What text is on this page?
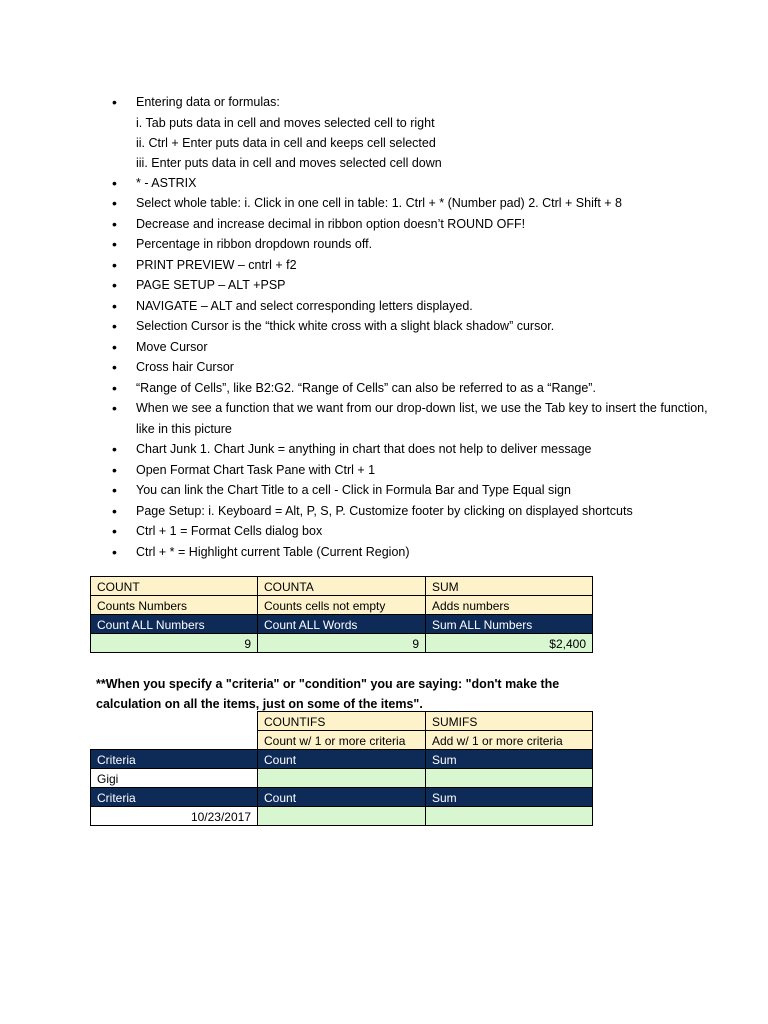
• Entering data or formulas:
i. Tab puts data in cell and moves selected cell to right
ii. Ctrl + Enter puts data in cell and keeps cell selected
iii. Enter puts data in cell and moves selected cell down
• * - ASTRIX
• Select whole table: i. Click in one cell in table: 1. Ctrl + * (Number pad) 2. Ctrl + Shift + 8
• Decrease and increase decimal in ribbon option doesn’t ROUND OFF!
• Percentage in ribbon dropdown rounds off.
• PRINT PREVIEW – cntrl + f2
• PAGE SETUP – ALT +PSP
• NAVIGATE – ALT and select corresponding letters displayed.
• Selection Cursor is the “thick white cross with a slight black shadow” cursor.
• Move Cursor
• Cross hair Cursor
• “Range of Cells”, like B2:G2. “Range of Cells” can also be referred to as a “Range”.
• When we see a function that we want from our drop-down list, we use the Tab key to insert the function, like in this picture
• Chart Junk 1. Chart Junk = anything in chart that does not help to deliver message
• Open Format Chart Task Pane with Ctrl + 1
• You can link the Chart Title to a cell - Click in Formula Bar and Type Equal sign
• Page Setup: i. Keyboard = Alt, P, S, P. Customize footer by clicking on displayed shortcuts
• Ctrl + 1 = Format Cells dialog box
• Ctrl + * = Highlight current Table (Current Region)
COUNT	COUNTA	SUM
Counts Numbers	Counts cells not empty	Adds numbers
Count ALL Numbers	Count ALL Words	Sum ALL Numbers
9	9	$2,400
**When you specify a "criteria" or "condition" you are saying: "don't make the calculation on all the items, just on some of the items".
	COUNTIFS	SUMIFS
	Count w/ 1 or more criteria	Add w/ 1 or more criteria
Criteria	Count	Sum
Gigi		
Criteria	Count	Sum
10/23/2017		
